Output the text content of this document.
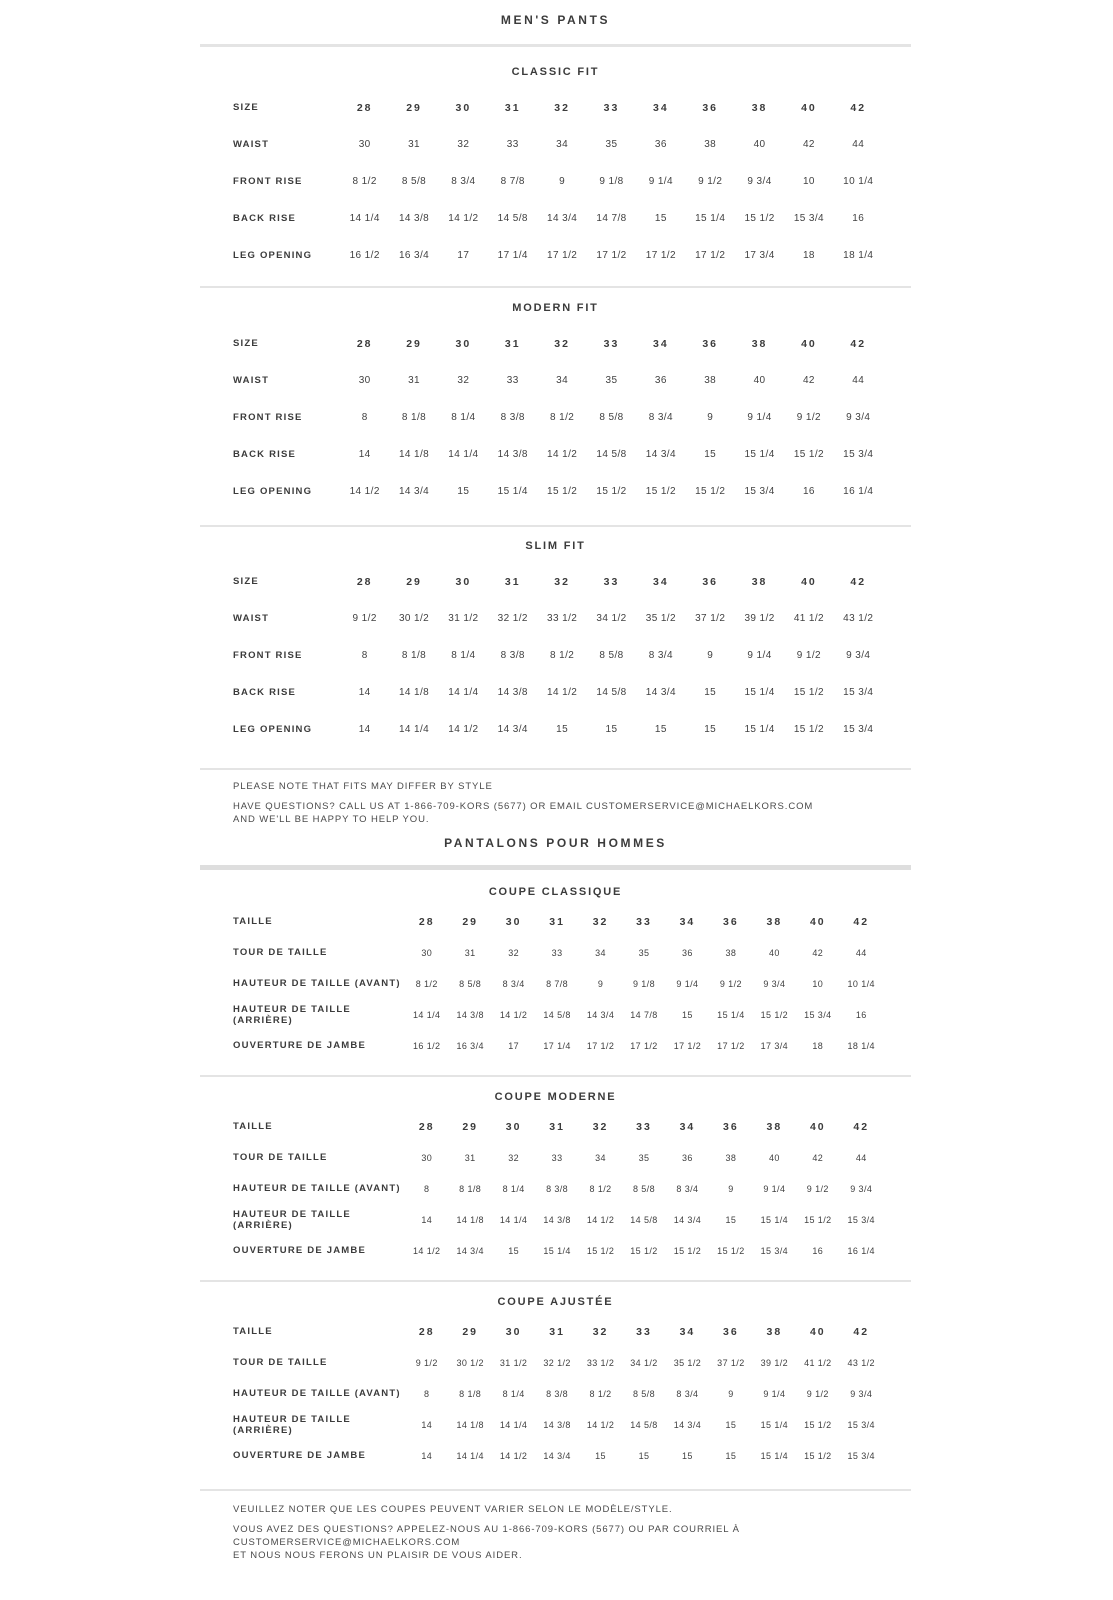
MEN'S PANTS
CLASSIC FIT
SIZE	28	29	30	31	32	33	34	36	38	40	42
WAIST	30	31	32	33	34	35	36	38	40	42	44
FRONT RISE	8 1/2	8 5/8	8 3/4	8 7/8	9	9 1/8	9 1/4	9 1/2	9 3/4	10	10 1/4
BACK RISE	14 1/4	14 3/8	14 1/2	14 5/8	14 3/4	14 7/8	15	15 1/4	15 1/2	15 3/4	16
LEG OPENING	16 1/2	16 3/4	17	17 1/4	17 1/2	17 1/2	17 1/2	17 1/2	17 3/4	18	18 1/4
MODERN FIT
SIZE	28	29	30	31	32	33	34	36	38	40	42
WAIST	30	31	32	33	34	35	36	38	40	42	44
FRONT RISE	8	8 1/8	8 1/4	8 3/8	8 1/2	8 5/8	8 3/4	9	9 1/4	9 1/2	9 3/4
BACK RISE	14	14 1/8	14 1/4	14 3/8	14 1/2	14 5/8	14 3/4	15	15 1/4	15 1/2	15 3/4
LEG OPENING	14 1/2	14 3/4	15	15 1/4	15 1/2	15 1/2	15 1/2	15 1/2	15 3/4	16	16 1/4
SLIM FIT
SIZE	28	29	30	31	32	33	34	36	38	40	42
WAIST	9 1/2	30 1/2	31 1/2	32 1/2	33 1/2	34 1/2	35 1/2	37 1/2	39 1/2	41 1/2	43 1/2
FRONT RISE	8	8 1/8	8 1/4	8 3/8	8 1/2	8 5/8	8 3/4	9	9 1/4	9 1/2	9 3/4
BACK RISE	14	14 1/8	14 1/4	14 3/8	14 1/2	14 5/8	14 3/4	15	15 1/4	15 1/2	15 3/4
LEG OPENING	14	14 1/4	14 1/2	14 3/4	15	15	15	15	15 1/4	15 1/2	15 3/4

PLEASE NOTE THAT FITS MAY DIFFER BY STYLE

HAVE QUESTIONS? CALL US AT 1-866-709-KORS (5677) OR EMAIL CUSTOMERSERVICE@MICHAELKORS.COM

AND WE'LL BE HAPPY TO HELP YOU.

PANTALONS POUR HOMMES
COUPE CLASSIQUE
TAILLE	28	29	30	31	32	33	34	36	38	40	42
TOUR DE TAILLE	30	31	32	33	34	35	36	38	40	42	44
HAUTEUR DE TAILLE (AVANT)	8 1/2	8 5/8	8 3/4	8 7/8	9	9 1/8	9 1/4	9 1/2	9 3/4	10	10 1/4
HAUTEUR DE TAILLE (ARRIÈRE)	14 1/4	14 3/8	14 1/2	14 5/8	14 3/4	14 7/8	15	15 1/4	15 1/2	15 3/4	16
OUVERTURE DE JAMBE	16 1/2	16 3/4	17	17 1/4	17 1/2	17 1/2	17 1/2	17 1/2	17 3/4	18	18 1/4
COUPE MODERNE
TAILLE	28	29	30	31	32	33	34	36	38	40	42
TOUR DE TAILLE	30	31	32	33	34	35	36	38	40	42	44
HAUTEUR DE TAILLE (AVANT)	8	8 1/8	8 1/4	8 3/8	8 1/2	8 5/8	8 3/4	9	9 1/4	9 1/2	9 3/4
HAUTEUR DE TAILLE (ARRIÈRE)	14	14 1/8	14 1/4	14 3/8	14 1/2	14 5/8	14 3/4	15	15 1/4	15 1/2	15 3/4
OUVERTURE DE JAMBE	14 1/2	14 3/4	15	15 1/4	15 1/2	15 1/2	15 1/2	15 1/2	15 3/4	16	16 1/4
COUPE AJUSTÉE
TAILLE	28	29	30	31	32	33	34	36	38	40	42
TOUR DE TAILLE	9 1/2	30 1/2	31 1/2	32 1/2	33 1/2	34 1/2	35 1/2	37 1/2	39 1/2	41 1/2	43 1/2
HAUTEUR DE TAILLE (AVANT)	8	8 1/8	8 1/4	8 3/8	8 1/2	8 5/8	8 3/4	9	9 1/4	9 1/2	9 3/4
HAUTEUR DE TAILLE (ARRIÈRE)	14	14 1/8	14 1/4	14 3/8	14 1/2	14 5/8	14 3/4	15	15 1/4	15 1/2	15 3/4
OUVERTURE DE JAMBE	14	14 1/4	14 1/2	14 3/4	15	15	15	15	15 1/4	15 1/2	15 3/4

VEUILLEZ NOTER QUE LES COUPES PEUVENT VARIER SELON LE MODÈLE/STYLE.

VOUS AVEZ DES QUESTIONS? APPELEZ-NOUS AU 1-866-709-KORS (5677) OU PAR COURRIEL À CUSTOMERSERVICE@MICHAELKORS.COM

ET NOUS NOUS FERONS UN PLAISIR DE VOUS AIDER.
